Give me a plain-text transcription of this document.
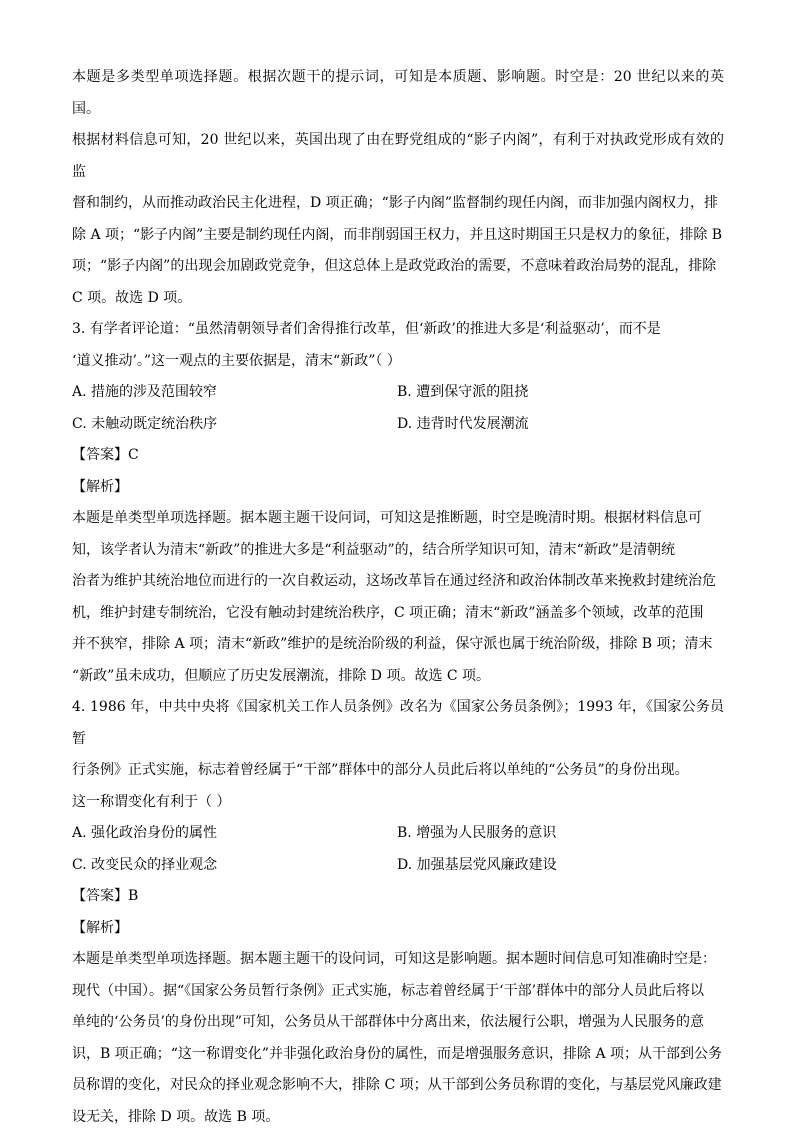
本题是多类型单项选择题。根据次题干的提示词，可知是本质题、影响题。时空是：20 世纪以来的英国。

根据材料信息可知，20 世纪以来，英国出现了由在野党组成的“影子内阁”，有利于对执政党形成有效的监

督和制约，从而推动政治民主化进程，D 项正确；“影子内阁”监督制约现任内阁，而非加强内阁权力，排

除 A 项；“影子内阁”主要是制约现任内阁，而非削弱国王权力，并且这时期国王只是权力的象征，排除 B

项；“影子内阁”的出现会加剧政党竞争，但这总体上是政党政治的需要，不意味着政治局势的混乱，排除

C 项。故选 D 项。

3. 有学者评论道：“虽然清朝领导者们舍得推行改革，但‘新政’的推进大多是‘利益驱动’，而不是

‘道义推动’。”这一观点的主要依据是，清末“新政”（ ）

A. 措施的涉及范围较窄	B. 遭到保守派的阻挠
C. 未触动既定统治秩序	D. 违背时代发展潮流
【答案】C
【解析】

本题是单类型单项选择题。据本题主题干设问词，可知这是推断题，时空是晚清时期。根据材料信息可

知，该学者认为清末“新政”的推进大多是“利益驱动”的，结合所学知识可知，清末“新政”是清朝统

治者为维护其统治地位而进行的一次自救运动，这场改革旨在通过经济和政治体制改革来挽救封建统治危

机，维护封建专制统治，它没有触动封建统治秩序，C 项正确；清末“新政”涵盖多个领域，改革的范围

并不狭窄，排除 A 项；清末“新政”维护的是统治阶级的利益，保守派也属于统治阶级，排除 B 项；清末

“新政”虽未成功，但顺应了历史发展潮流，排除 D 项。故选 C 项。

4. 1986 年，中共中央将《国家机关工作人员条例》改名为《国家公务员条例》；1993 年，《国家公务员暂

行条例》正式实施，标志着曾经属于“干部”群体中的部分人员此后将以单纯的“公务员”的身份出现。

这一称谓变化有利于（ ）

A. 强化政治身份的属性	B. 增强为人民服务的意识
C. 改变民众的择业观念	D. 加强基层党风廉政建设
【答案】B
【解析】

本题是单类型单项选择题。据本题主题干的设问词，可知这是影响题。据本题时间信息可知准确时空是：

现代（中国）。据“《国家公务员暂行条例》正式实施，标志着曾经属于‘干部’群体中的部分人员此后将以

单纯的‘公务员’的身份出现”可知，公务员从干部群体中分离出来，依法履行公职，增强为人民服务的意

识，B 项正确；“这一称谓变化”并非强化政治身份的属性，而是增强服务意识，排除 A 项；从干部到公务

员称谓的变化，对民众的择业观念影响不大，排除 C 项；从干部到公务员称谓的变化，与基层党风廉政建

设无关，排除 D 项。故选 B 项。
